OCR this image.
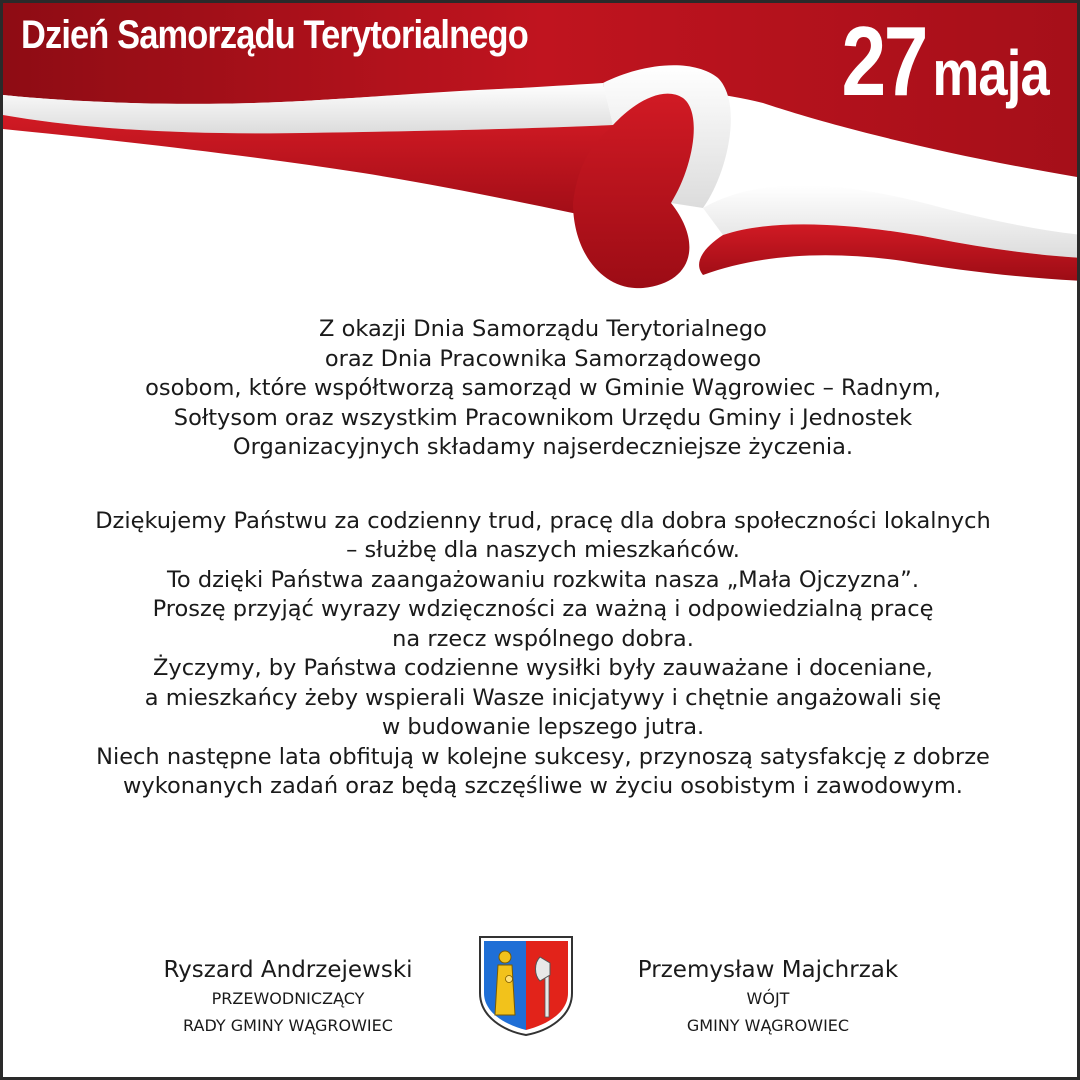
Dzień Samorządu Terytorialnego	27 maja
Z okazji Dnia Samorządu Terytorialnego
oraz Dnia Pracownika Samorządowego
osobom, które współtworzą samorząd w Gminie Wągrowiec – Radnym,
Sołtysom oraz wszystkim Pracownikom Urzędu Gminy i Jednostek
Organizacyjnych składamy najserdeczniejsze życzenia.
Dziękujemy Państwu za codzienny trud, pracę dla dobra społeczności lokalnych
– służbę dla naszych mieszkańców.
To dzięki Państwa zaangażowaniu rozkwita nasza „Mała Ojczyzna”.
Proszę przyjąć wyrazy wdzięczności za ważną i odpowiedzialną pracę
na rzecz wspólnego dobra.
Życzymy, by Państwa codzienne wysiłki były zauważane i doceniane,
a mieszkańcy żeby wspierali Wasze inicjatywy i chętnie angażowali się
w budowanie lepszego jutra.
Niech następne lata obfitują w kolejne sukcesy, przynoszą satysfakcję z dobrze
wykonanych zadań oraz będą szczęśliwe w życiu osobistym i zawodowym.
Ryszard Andrzejewski
PRZEWODNICZĄCY
RADY GMINY WĄGROWIEC
Przemysław Majchrzak
WÓJT
GMINY WĄGROWIEC
